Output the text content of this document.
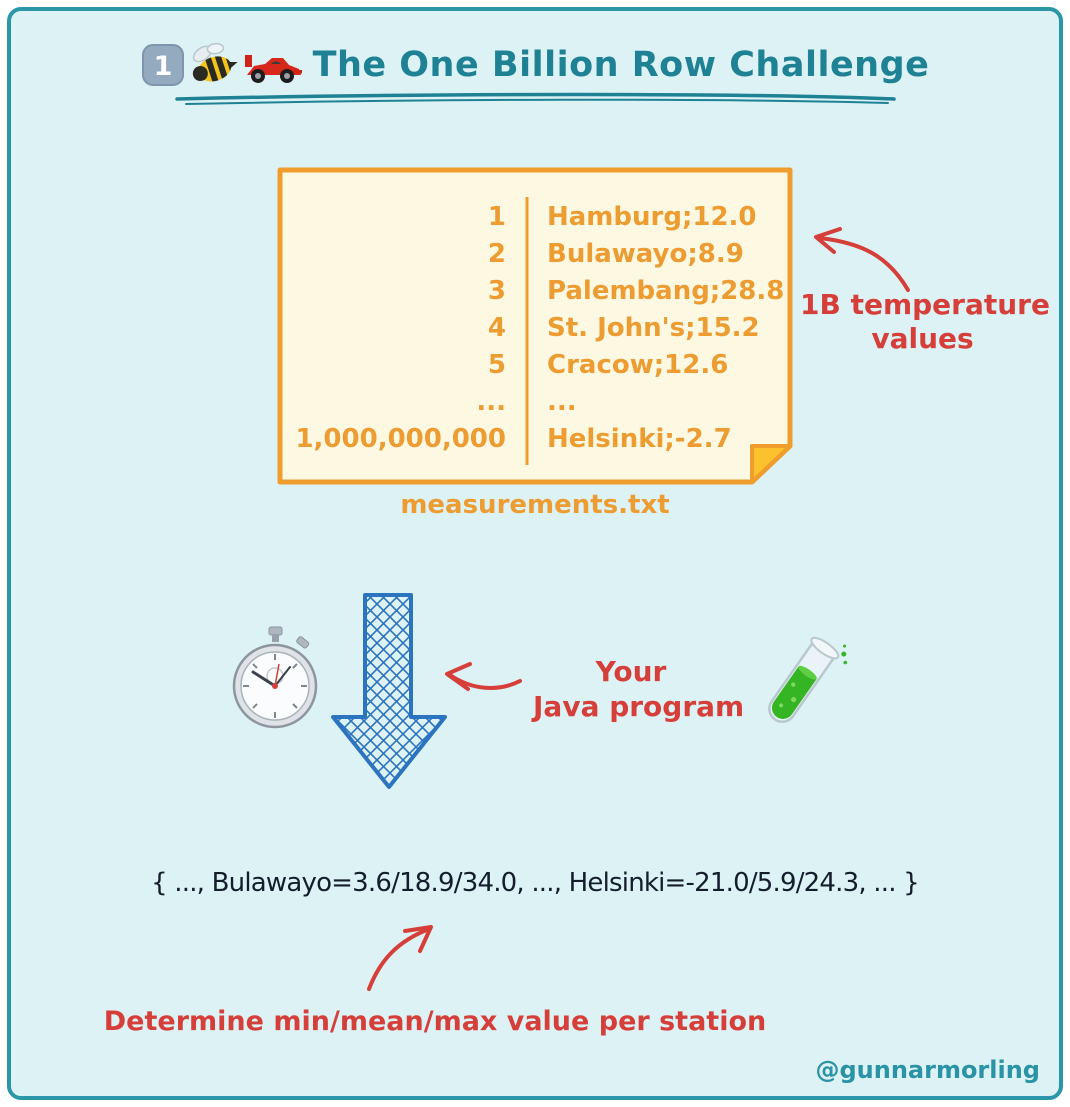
1	The One Billion Row Challenge
1 Hamburg;12.0
2 Bulawayo;8.9
3 Palembang;28.8
4 St. John's;15.2
5 Cracow;12.6
... ...
1,000,000,000 Helsinki;-2.7
measurements.txt
1B temperature
values
Your
Java program
{ ..., Bulawayo=3.6/18.9/34.0, ..., Helsinki=-21.0/5.9/24.3, ... }
Determine min/mean/max value per station
@gunnarmorling
